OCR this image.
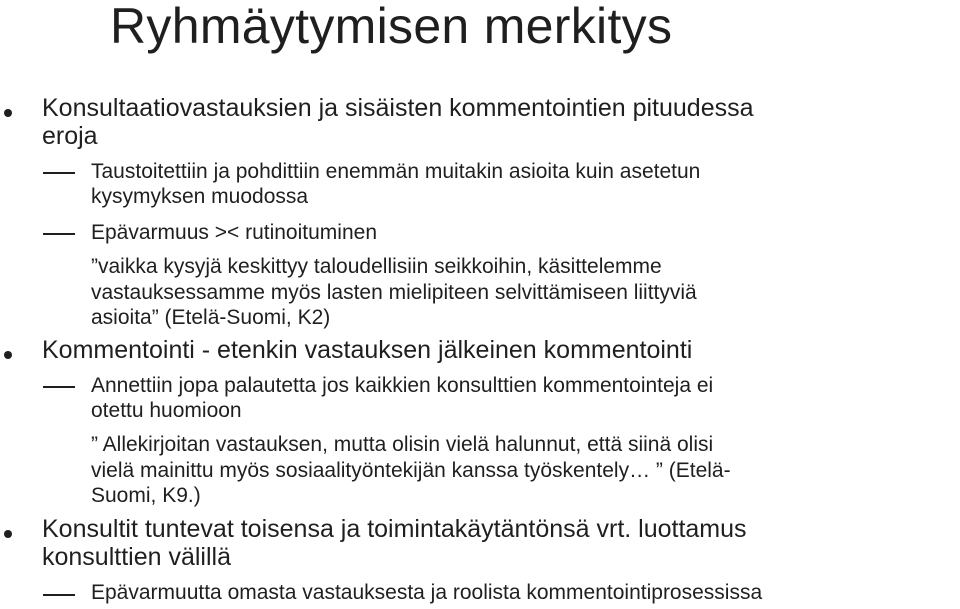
Ryhmäytymisen merkitys
Konsultaatiovastauksien ja sisäisten kommentointien pituudessa
eroja
Taustoitettiin ja pohdittiin enemmän muitakin asioita kuin asetetun
kysymyksen muodossa
Epävarmuus >< rutinoituminen
”vaikka kysyjä keskittyy taloudellisiin seikkoihin, käsittelemme
vastauksessamme myös lasten mielipiteen selvittämiseen liittyviä
asioita” (Etelä-Suomi, K2)
Kommentointi - etenkin vastauksen jälkeinen kommentointi
Annettiin jopa palautetta jos kaikkien konsulttien kommentointeja ei
otettu huomioon
” Allekirjoitan vastauksen, mutta olisin vielä halunnut, että siinä olisi
vielä mainittu myös sosiaalityöntekijän kanssa työskentely… ” (Etelä-
Suomi, K9.)
Konsultit tuntevat toisensa ja toimintakäytäntönsä vrt. luottamus
konsulttien välillä
Epävarmuutta omasta vastauksesta ja roolista kommentointiprosessissa
